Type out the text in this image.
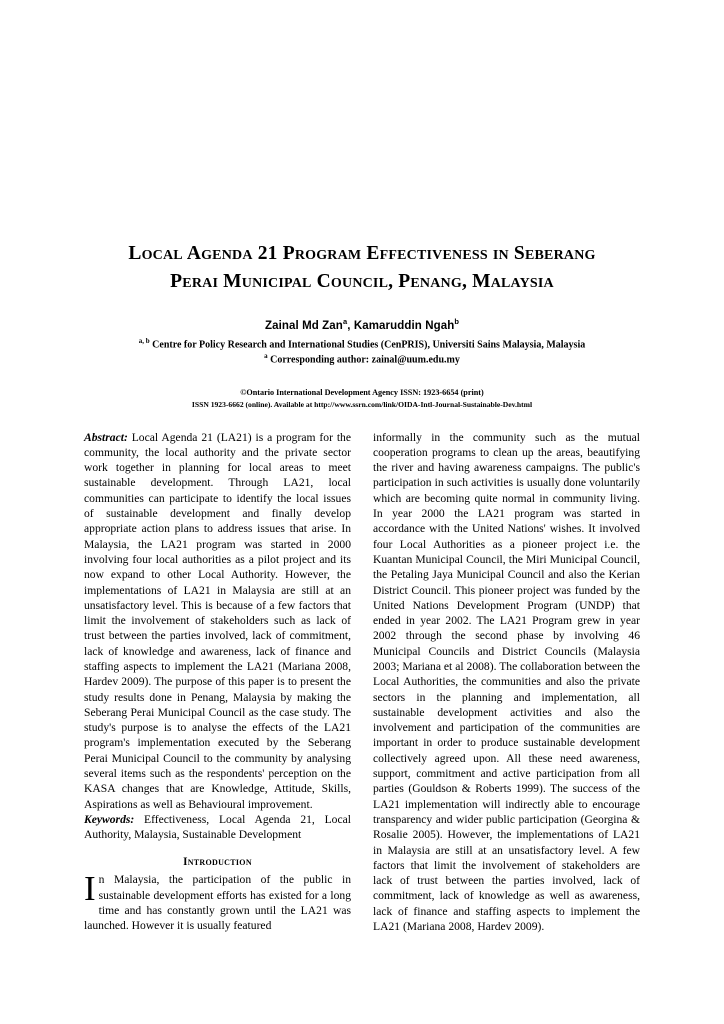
Local Agenda 21 Program Effectiveness in Seberang
Perai Municipal Council, Penang, Malaysia
Zainal Md Zan$^a$, Kamaruddin Ngah$^b$
$^{a, b}$ Centre for Policy Research and International Studies (CenPRIS), Universiti Sains Malaysia, Malaysia
$^a$ Corresponding author: zainal@uum.edu.my
©Ontario International Development Agency ISSN: 1923-6654 (print)
ISSN 1923-6662 (online). Available at http://www.ssrn.com/link/OIDA-Intl-Journal-Sustainable-Dev.html

Abstract: Local Agenda 21 (LA21) is a program for the community, the local authority and the private sector work together in planning for local areas to meet sustainable development. Through LA21, local communities can participate to identify the local issues of sustainable development and finally develop appropriate action plans to address issues that arise. In Malaysia, the LA21 program was started in 2000 involving four local authorities as a pilot project and its now expand to other Local Authority. However, the implementations of LA21 in Malaysia are still at an unsatisfactory level. This is because of a few factors that limit the involvement of stakeholders such as lack of trust between the parties involved, lack of commitment, lack of knowledge and awareness, lack of finance and staffing aspects to implement the LA21 (Mariana 2008, Hardev 2009). The purpose of this paper is to present the study results done in Penang, Malaysia by making the Seberang Perai Municipal Council as the case study. The study's purpose is to analyse the effects of the LA21 program's implementation executed by the Seberang Perai Municipal Council to the community by analysing several items such as the respondents' perception on the KASA changes that are Knowledge, Attitude, Skills, Aspirations as well as Behavioural improvement.

Keywords: Effectiveness, Local Agenda 21, Local Authority, Malaysia, Sustainable Development

Introduction

In Malaysia, the participation of the public in sustainable development efforts has existed for a long time and has constantly grown until the LA21 was launched. However it is usually featured

informally in the community such as the mutual cooperation programs to clean up the areas, beautifying the river and having awareness campaigns. The public's participation in such activities is usually done voluntarily which are becoming quite normal in community living. In year 2000 the LA21 program was started in accordance with the United Nations' wishes. It involved four Local Authorities as a pioneer project i.e. the Kuantan Municipal Council, the Miri Municipal Council, the Petaling Jaya Municipal Council and also the Kerian District Council. This pioneer project was funded by the United Nations Development Program (UNDP) that ended in year 2002. The LA21 Program grew in year 2002 through the second phase by involving 46 Municipal Councils and District Councils (Malaysia 2003; Mariana et al 2008). The collaboration between the Local Authorities, the communities and also the private sectors in the planning and implementation, all sustainable development activities and also the involvement and participation of the communities are important in order to produce sustainable development collectively agreed upon. All these need awareness, support, commitment and active participation from all parties (Gouldson & Roberts 1999). The success of the LA21 implementation will indirectly able to encourage transparency and wider public participation (Georgina & Rosalie 2005). However, the implementations of LA21 in Malaysia are still at an unsatisfactory level. A few factors that limit the involvement of stakeholders are lack of trust between the parties involved, lack of commitment, lack of knowledge as well as awareness, lack of finance and staffing aspects to implement the LA21 (Mariana 2008, Hardev 2009).
